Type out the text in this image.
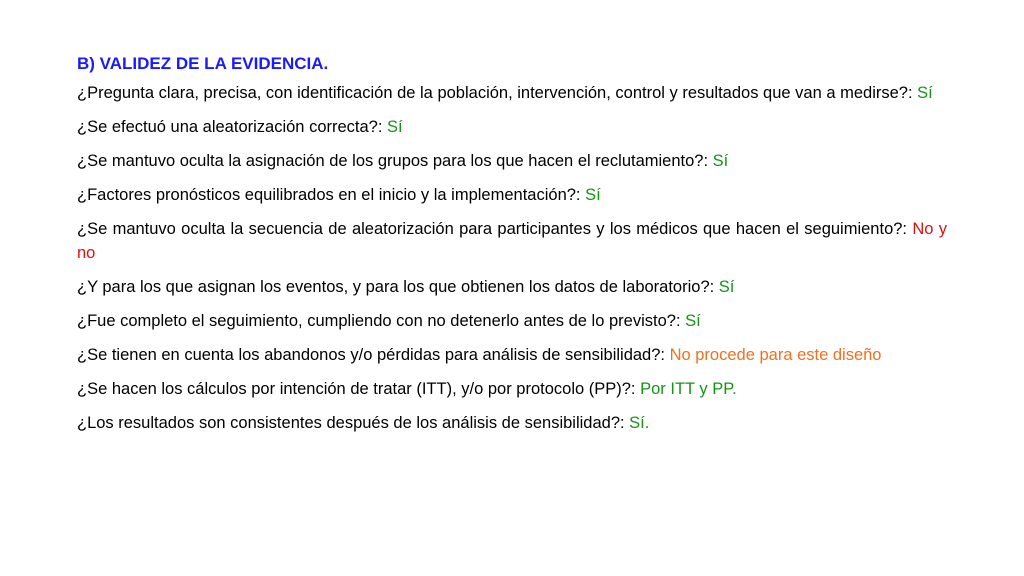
B) VALIDEZ DE LA EVIDENCIA.
¿Pregunta clara, precisa, con identificación de la población, intervención, control y resultados que van a medirse?: Sí
¿Se efectuó una aleatorización correcta?: Sí
¿Se mantuvo oculta la asignación de los grupos para los que hacen el reclutamiento?: Sí
¿Factores pronósticos equilibrados en el inicio y la implementación?: Sí
¿Se mantuvo oculta la secuencia de aleatorización para participantes y los médicos que hacen el seguimiento?: No y no
¿Y para los que asignan los eventos, y para los que obtienen los datos de laboratorio?: Sí
¿Fue completo el seguimiento, cumpliendo con no detenerlo antes de lo previsto?: Sí
¿Se tienen en cuenta los abandonos y/o pérdidas para análisis de sensibilidad?: No procede para este diseño
¿Se hacen los cálculos por intención de tratar (ITT), y/o por protocolo (PP)?: Por ITT y PP.
¿Los resultados son consistentes después de los análisis de sensibilidad?: Sí.
